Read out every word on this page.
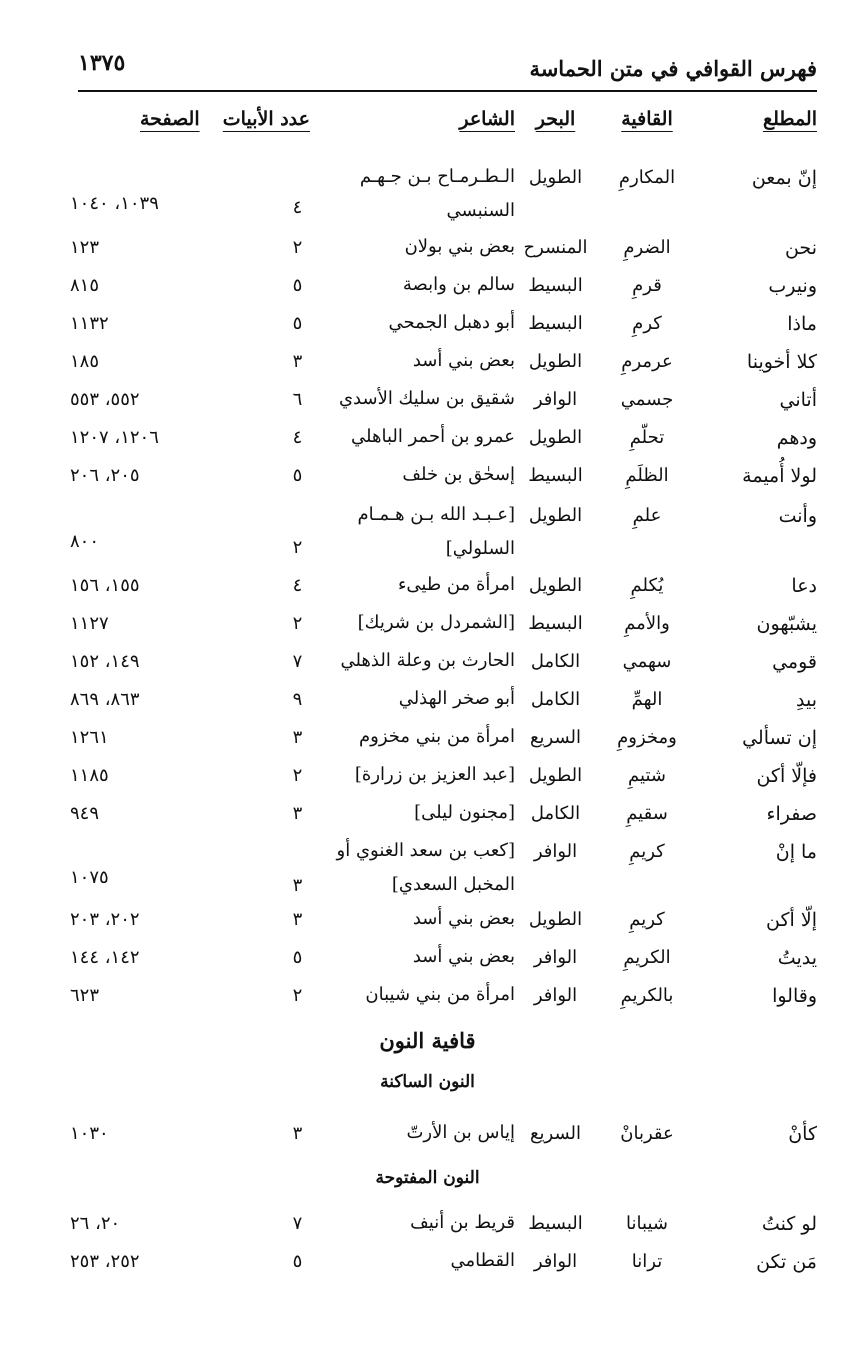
فهرس القوافي في متن الحماسة
١٣٧٥
المطلع
القافية
البحر
الشاعر
عدد الأبيات
الصفحة
إنّ بمعن
المكارمِ
الطويل
الـطـرمـاح بـن جـهـم السنبسي
٤
١٠٣٩، ١٠٤٠
نحن
الضرمِ
المنسرح
بعض بني بولان
٢
١٢٣
ونيرب
قرمِ
البسيط
سالم بن وابصة
٥
٨١٥
ماذا
كرمِ
البسيط
أبو دهبل الجمحي
٥
١١٣٢
كلا أخوينا
عرمرمِ
الطويل
بعض بني أسد
٣
١٨٥
أتاني
جسمي
الوافر
شقيق بن سليك الأسدي
٦
٥٥٢، ٥٥٣
ودهم
تحلّمِ
الطويل
عمرو بن أحمر الباهلي
٤
١٢٠٦، ١٢٠٧
لولا أُميمة
الظلَمِ
البسيط
إسحٰق بن خلف
٥
٢٠٥، ٢٠٦
وأنت
علمِ
الطويل
[عـبـد الله بـن هـمـام السلولي]
٢
٨٠٠
دعا
يُكلمِ
الطويل
امرأة من طيىء
٤
١٥٥، ١٥٦
يشبّهون
والأممِ
البسيط
[الشمردل بن شريك]
٢
١١٢٧
قومي
سهمي
الكامل
الحارث بن وعلة الذهلي
٧
١٤٩، ١٥٢
بيدِ
الهمِّ
الكامل
أبو صخر الهذلي
٩
٨٦٣، ٨٦٩
إن تسألي
ومخزومِ
السريع
امرأة من بني مخزوم
٣
١٢٦١
فإلّا أكن
شتيمِ
الطويل
[عبد العزيز بن زرارة]
٢
١١٨٥
صفراء
سقيمِ
الكامل
[مجنون ليلى]
٣
٩٤٩
ما إنْ
كريمِ
الوافر
[كعب بن سعد الغنوي أو المخبل السعدي]
٣
١٠٧٥
إلّا أكن
كريمِ
الطويل
بعض بني أسد
٣
٢٠٢، ٢٠٣
يديتُ
الكريمِ
الوافر
بعض بني أسد
٥
١٤٢، ١٤٤
وقالوا
بالكريمِ
الوافر
امرأة من بني شيبان
٢
٦٢٣
قافية النون
النون الساكنة
كأنْ
عقربانْ
السريع
إياس بن الأرتّ
٣
١٠٣٠
النون المفتوحة
لو كنتُ
شيبانا
البسيط
قريط بن أنيف
٧
٢٠، ٢٦
مَن تكن
ترانا
الوافر
القطامي
٥
٢٥٢، ٢٥٣
